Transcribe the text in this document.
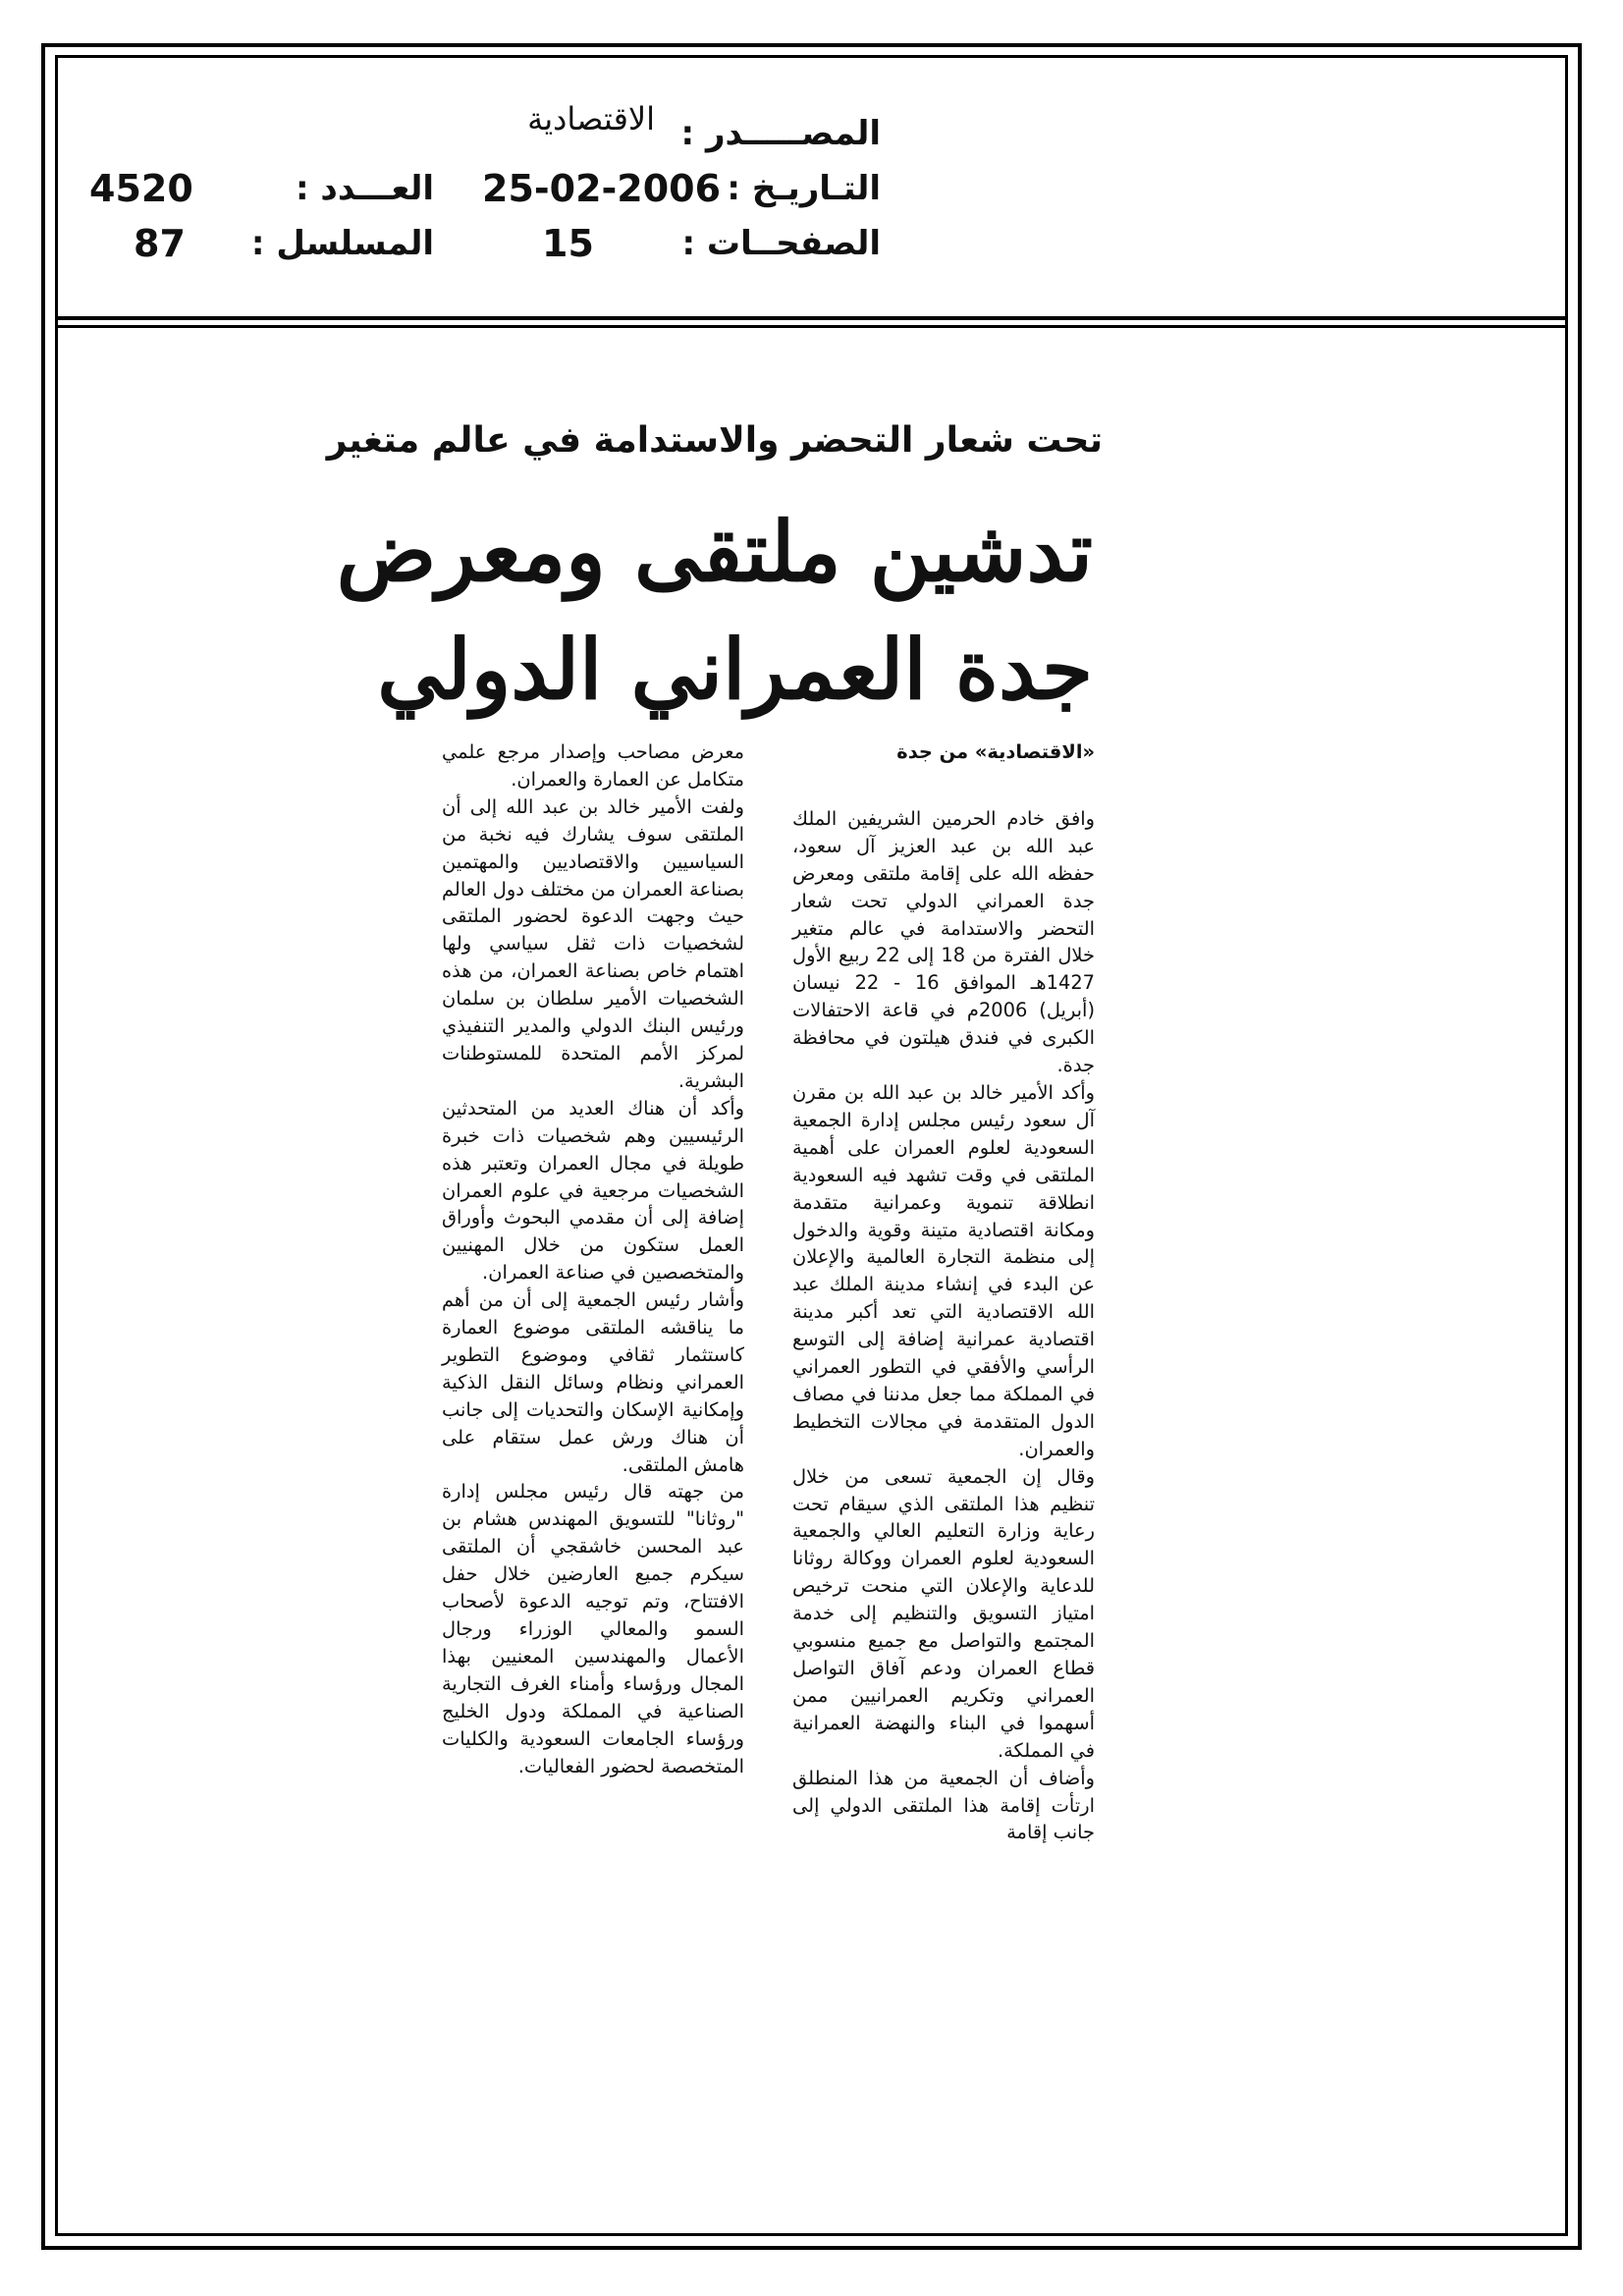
المصـــــدر :
الاقتصادية
التـاريـخ :
25-02-2006
العـــدد :
4520
الصفحــات :
15
المسلسل :
87
تحت شعار التحضر والاستدامة في عالم متغير
تدشين ملتقى ومعرض
جدة العمراني الدولي

«الاقتصادية» من جدة

وافق خادم الحرمين الشريفين الملك عبد الله بن عبد العزيز آل سعود، حفظه الله على إقامة ملتقى ومعرض جدة العمراني الدولي تحت شعار التحضر والاستدامة في عالم متغير خلال الفترة من 18 إلى 22 ربيع الأول 1427هـ الموافق 16 - 22 نيسان (أبريل) 2006م في قاعة الاحتفالات الكبرى في فندق هيلتون في محافظة جدة.

وأكد الأمير خالد بن عبد الله بن مقرن آل سعود رئيس مجلس إدارة الجمعية السعودية لعلوم العمران على أهمية الملتقى في وقت تشهد فيه السعودية انطلاقة تنموية وعمرانية متقدمة ومكانة اقتصادية متينة وقوية والدخول إلى منظمة التجارة العالمية والإعلان عن البدء في إنشاء مدينة الملك عبد الله الاقتصادية التي تعد أكبر مدينة اقتصادية عمرانية إضافة إلى التوسع الرأسي والأفقي في التطور العمراني في المملكة مما جعل مدننا في مصاف الدول المتقدمة في مجالات التخطيط والعمران.

وقال إن الجمعية تسعى من خلال تنظيم هذا الملتقى الذي سيقام تحت رعاية وزارة التعليم العالي والجمعية السعودية لعلوم العمران ووكالة روثانا للدعاية والإعلان التي منحت ترخيص امتياز التسويق والتنظيم إلى خدمة المجتمع والتواصل مع جميع منسوبي قطاع العمران ودعم آفاق التواصل العمراني وتكريم العمرانيين ممن أسهموا في البناء والنهضة العمرانية في المملكة.

وأضاف أن الجمعية من هذا المنطلق ارتأت إقامة هذا الملتقى الدولي إلى جانب إقامة

معرض مصاحب وإصدار مرجع علمي متكامل عن العمارة والعمران.

ولفت الأمير خالد بن عبد الله إلى أن الملتقى سوف يشارك فيه نخبة من السياسيين والاقتصاديين والمهتمين بصناعة العمران من مختلف دول العالم حيث وجهت الدعوة لحضور الملتقى لشخصيات ذات ثقل سياسي ولها اهتمام خاص بصناعة العمران، من هذه الشخصيات الأمير سلطان بن سلمان ورئيس البنك الدولي والمدير التنفيذي لمركز الأمم المتحدة للمستوطنات البشرية.

وأكد أن هناك العديد من المتحدثين الرئيسيين وهم شخصيات ذات خبرة طويلة في مجال العمران وتعتبر هذه الشخصيات مرجعية في علوم العمران إضافة إلى أن مقدمي البحوث وأوراق العمل ستكون من خلال المهنيين والمتخصصين في صناعة العمران.

وأشار رئيس الجمعية إلى أن من أهم ما يناقشه الملتقى موضوع العمارة كاستثمار ثقافي وموضوع التطوير العمراني ونظام وسائل النقل الذكية وإمكانية الإسكان والتحديات إلى جانب أن هناك ورش عمل ستقام على هامش الملتقى.

من جهته قال رئيس مجلس إدارة "روثانا" للتسويق المهندس هشام بن عبد المحسن خاشقجي أن الملتقى سيكرم جميع العارضين خلال حفل الافتتاح، وتم توجيه الدعوة لأصحاب السمو والمعالي الوزراء ورجال الأعمال والمهندسين المعنيين بهذا المجال ورؤساء وأمناء الغرف التجارية الصناعية في المملكة ودول الخليج ورؤساء الجامعات السعودية والكليات المتخصصة لحضور الفعاليات.
